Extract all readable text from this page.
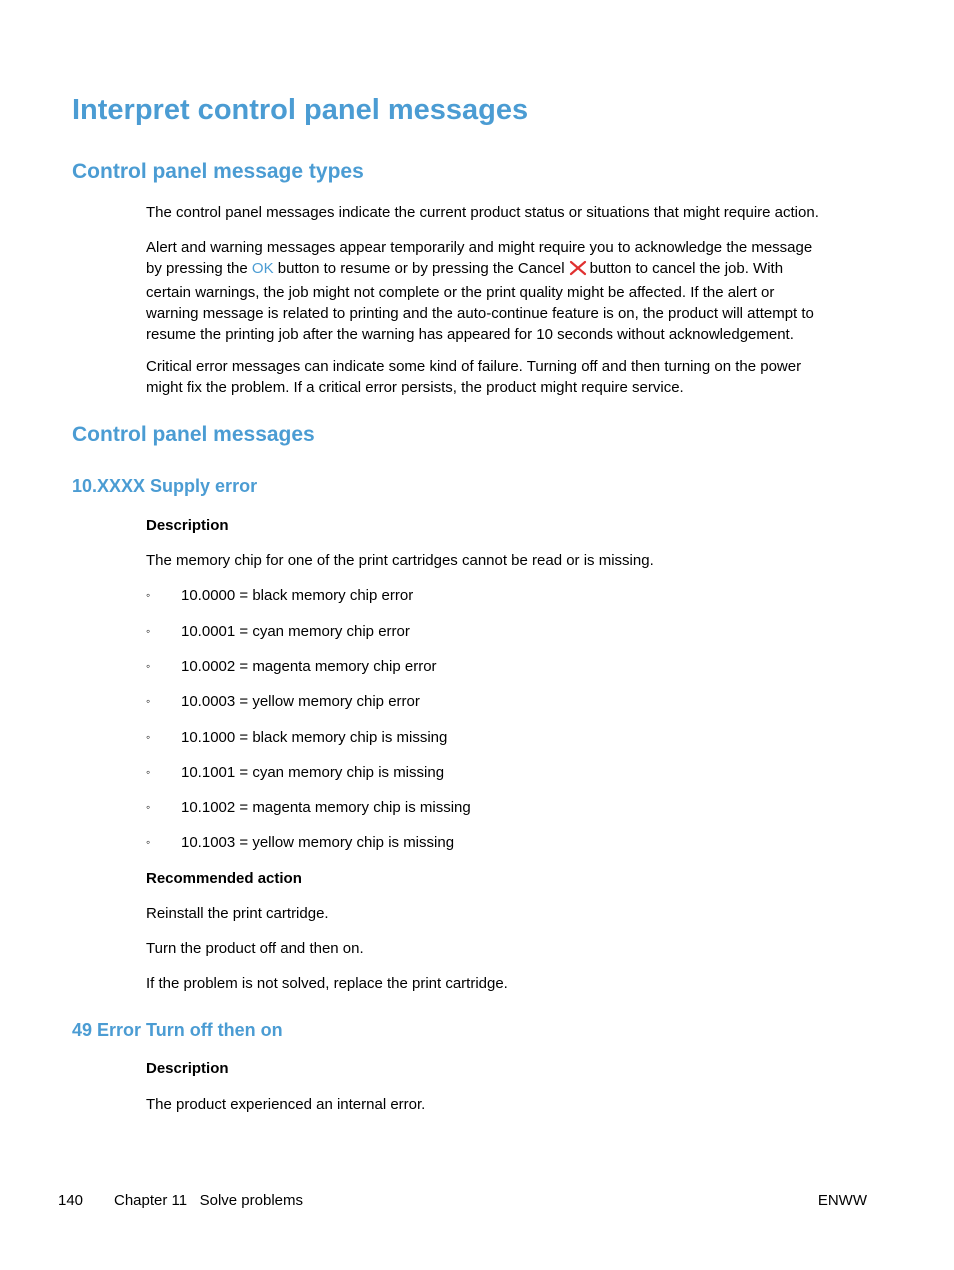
Interpret control panel messages
Control panel message types

The control panel messages indicate the current product status or situations that might require action.

Alert and warning messages appear temporarily and might require you to acknowledge the message
by pressing the OK button to resume or by pressing the Cancel button to cancel the job. With
certain warnings, the job might not complete or the print quality might be affected. If the alert or
warning message is related to printing and the auto-continue feature is on, the product will attempt to
resume the printing job after the warning has appeared for 10 seconds without acknowledgement.
Critical error messages can indicate some kind of failure. Turning off and then turning on the power
might fix the problem. If a critical error persists, the product might require service.
Control panel messages
10.XXXX Supply error

Description

The memory chip for one of the print cartridges cannot be read or is missing.

◦ 10.0000 = black memory chip error
◦ 10.0001 = cyan memory chip error
◦ 10.0002 = magenta memory chip error
◦ 10.0003 = yellow memory chip error
◦ 10.1000 = black memory chip is missing
◦ 10.1001 = cyan memory chip is missing
◦ 10.1002 = magenta memory chip is missing
◦ 10.1003 = yellow memory chip is missing

Recommended action

Reinstall the print cartridge.

Turn the product off and then on.

If the problem is not solved, replace the print cartridge.

49 Error Turn off then on

Description

The product experienced an internal error.

140 Chapter 11   Solve problems	ENWW
